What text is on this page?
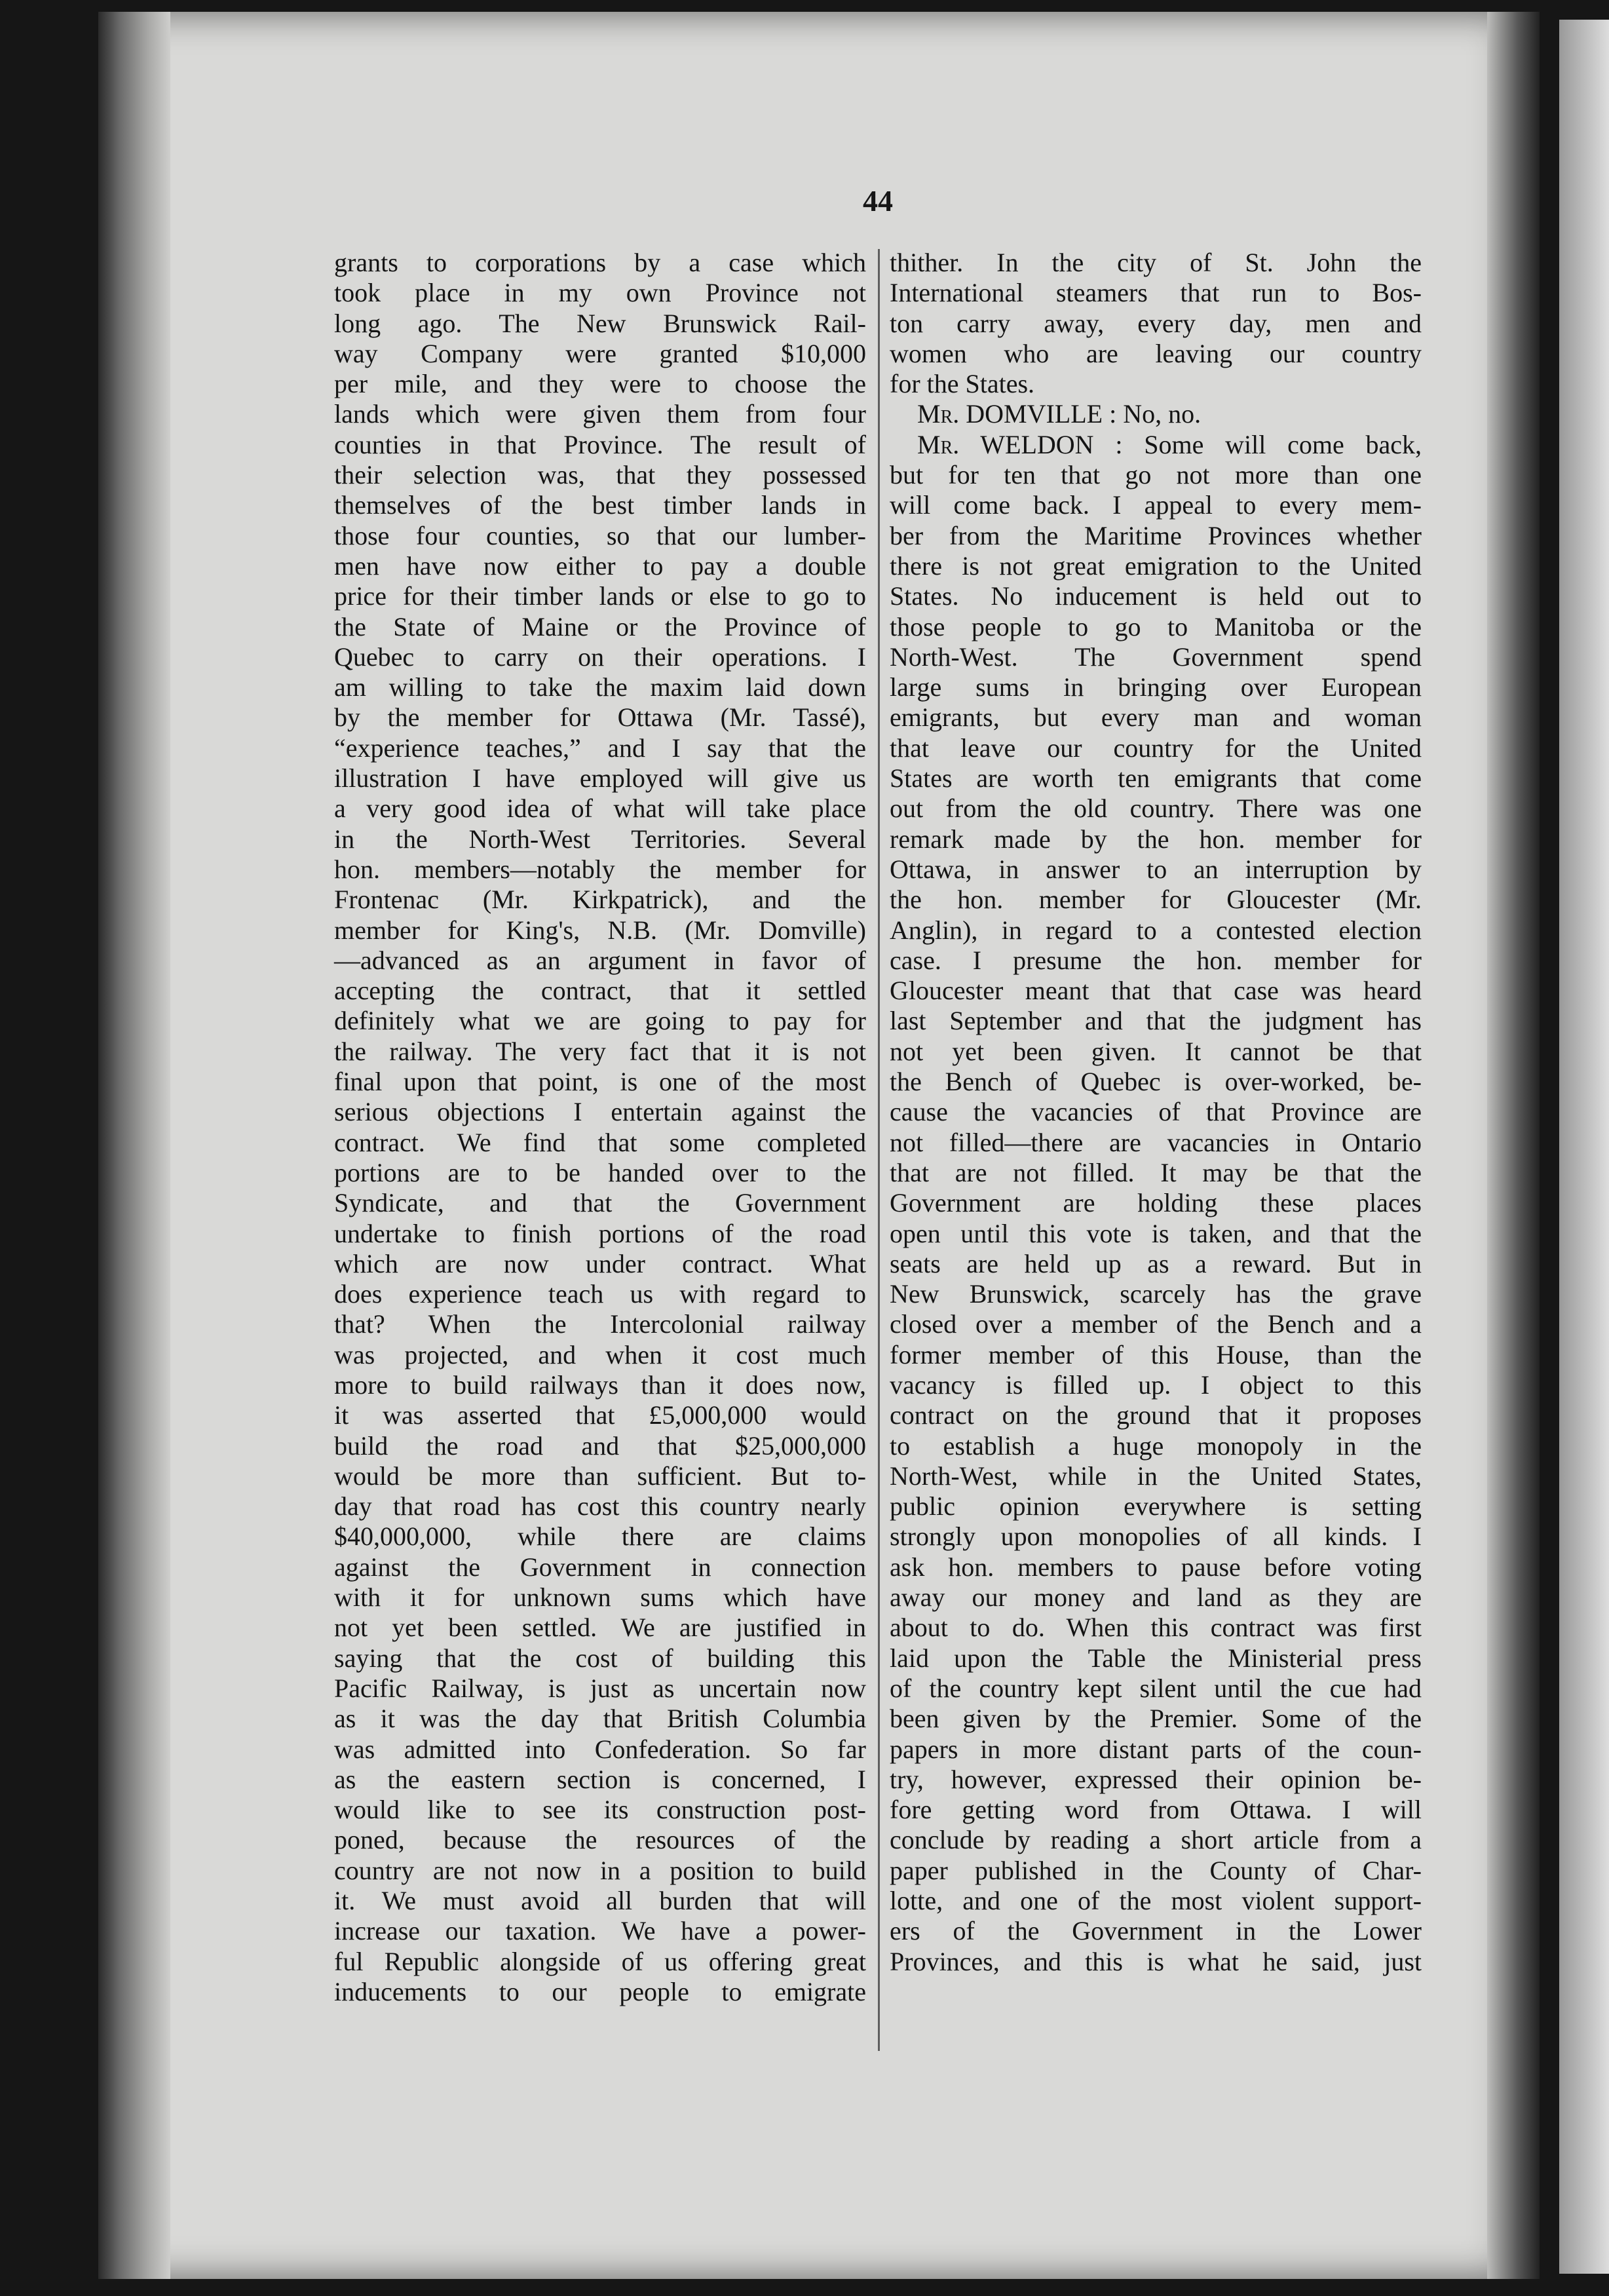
44
grants to corporations by a case which
took place in my own Province not
long ago. The New Brunswick Rail-
way Company were granted $10,000
per mile, and they were to choose the
lands which were given them from four
counties in that Province. The result of
their selection was, that they possessed
themselves of the best timber lands in
those four counties, so that our lumber-
men have now either to pay a double
price for their timber lands or else to go to
the State of Maine or the Province of
Quebec to carry on their operations. I
am willing to take the maxim laid down
by the member for Ottawa (Mr. Tassé),
“experience teaches,” and I say that the
illustration I have employed will give us
a very good idea of what will take place
in the North-West Territories. Several
hon. members—notably the member for
Frontenac (Mr. Kirkpatrick), and the
member for King's, N.B. (Mr. Domville)
—advanced as an argument in favor of
accepting the contract, that it settled
definitely what we are going to pay for
the railway. The very fact that it is not
final upon that point, is one of the most
serious objections I entertain against the
contract. We find that some completed
portions are to be handed over to the
Syndicate, and that the Government
undertake to finish portions of the road
which are now under contract. What
does experience teach us with regard to
that? When the Intercolonial railway
was projected, and when it cost much
more to build railways than it does now,
it was asserted that £5,000,000 would
build the road and that $25,000,000
would be more than sufficient. But to-
day that road has cost this country nearly
$40,000,000, while there are claims
against the Government in connection
with it for unknown sums which have
not yet been settled. We are justified in
saying that the cost of building this
Pacific Railway, is just as uncertain now
as it was the day that British Columbia
was admitted into Confederation. So far
as the eastern section is concerned, I
would like to see its construction post-
poned, because the resources of the
country are not now in a position to build
it. We must avoid all burden that will
increase our taxation. We have a power-
ful Republic alongside of us offering great
inducements to our people to emigrate
thither. In the city of St. John the
International steamers that run to Bos-
ton carry away, every day, men and
women who are leaving our country
for the States.
Mr. DOMVILLE : No, no.
Mr. WELDON : Some will come back,
but for ten that go not more than one
will come back. I appeal to every mem-
ber from the Maritime Provinces whether
there is not great emigration to the United
States. No inducement is held out to
those people to go to Manitoba or the
North-West. The Government spend
large sums in bringing over European
emigrants, but every man and woman
that leave our country for the United
States are worth ten emigrants that come
out from the old country. There was one
remark made by the hon. member for
Ottawa, in answer to an interruption by
the hon. member for Gloucester (Mr.
Anglin), in regard to a contested election
case. I presume the hon. member for
Gloucester meant that that case was heard
last September and that the judgment has
not yet been given. It cannot be that
the Bench of Quebec is over-worked, be-
cause the vacancies of that Province are
not filled—there are vacancies in Ontario
that are not filled. It may be that the
Government are holding these places
open until this vote is taken, and that the
seats are held up as a reward. But in
New Brunswick, scarcely has the grave
closed over a member of the Bench and a
former member of this House, than the
vacancy is filled up. I object to this
contract on the ground that it proposes
to establish a huge monopoly in the
North-West, while in the United States,
public opinion everywhere is setting
strongly upon monopolies of all kinds. I
ask hon. members to pause before voting
away our money and land as they are
about to do. When this contract was first
laid upon the Table the Ministerial press
of the country kept silent until the cue had
been given by the Premier. Some of the
papers in more distant parts of the coun-
try, however, expressed their opinion be-
fore getting word from Ottawa. I will
conclude by reading a short article from a
paper published in the County of Char-
lotte, and one of the most violent support-
ers of the Government in the Lower
Provinces, and this is what he said, just
